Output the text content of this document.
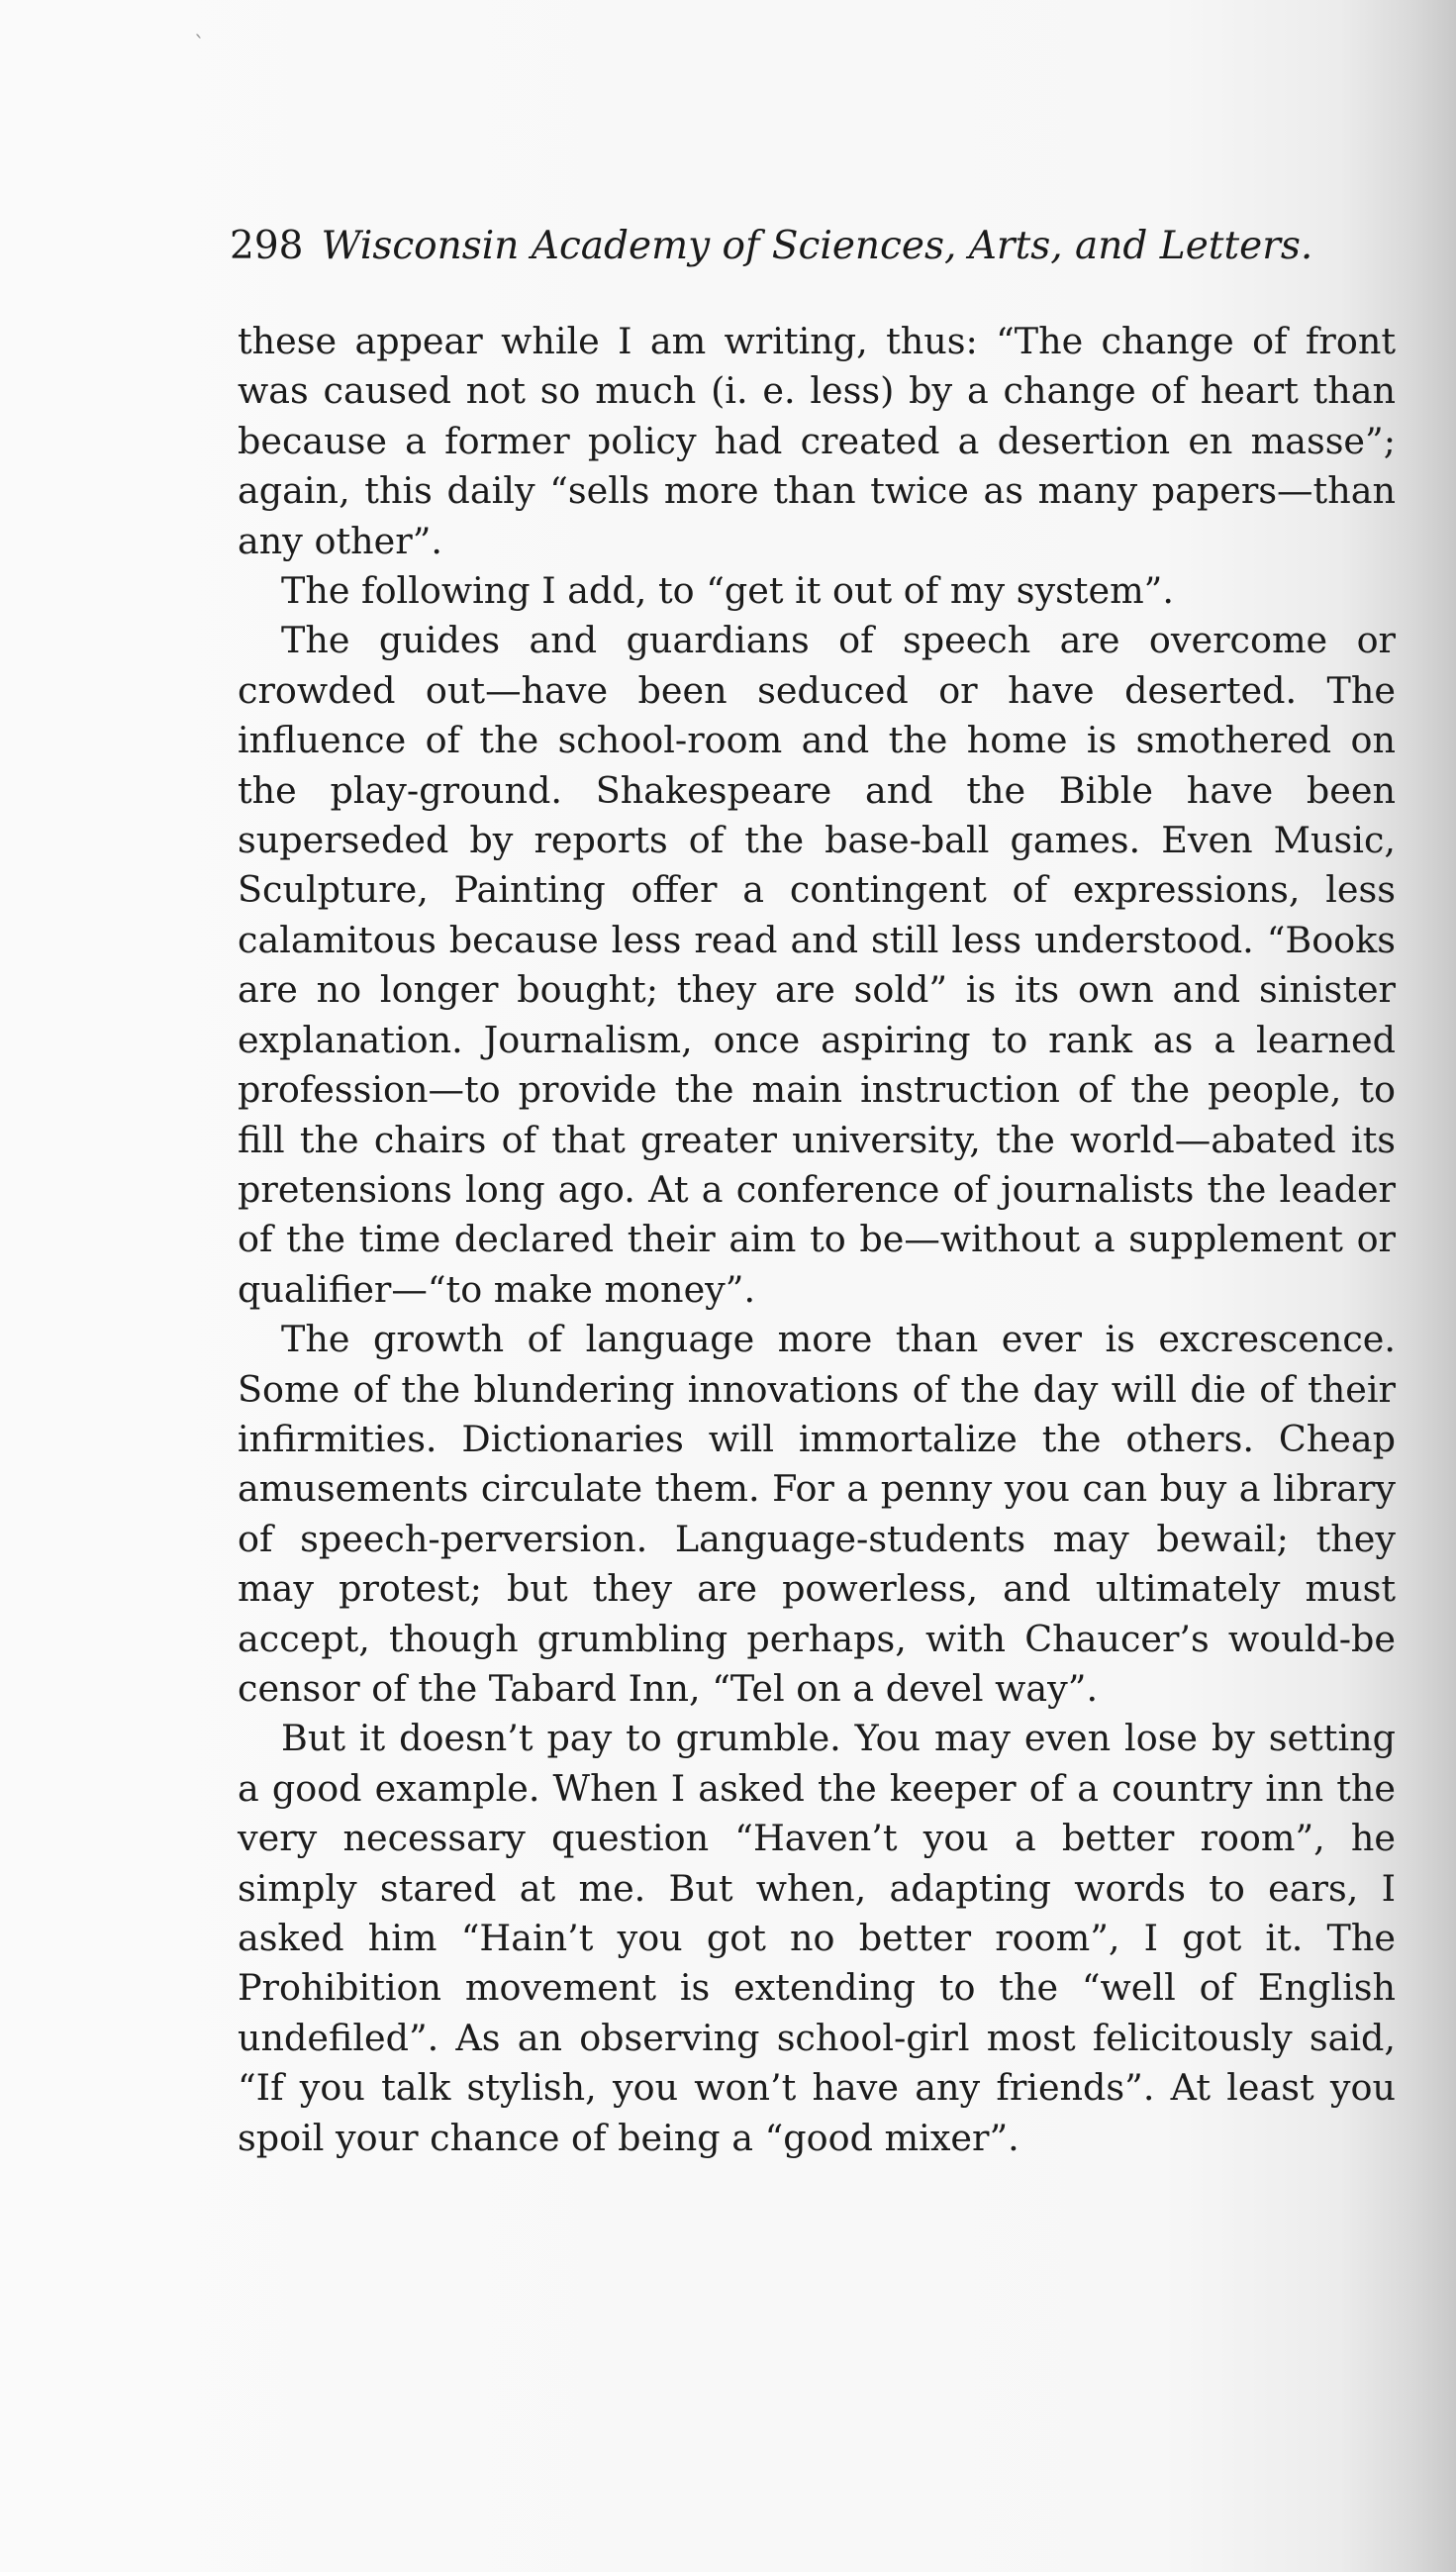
ˎ
298 Wisconsin Academy of Sciences, Arts, and Letters.

these appear while I am writing, thus: “The change of front was caused not so much (i. e. less) by a change of heart than because a former policy had created a desertion en masse”; again, this daily “sells more than twice as many papers—than any other”.

The following I add, to “get it out of my system”.

The guides and guardians of speech are overcome or crowded out—have been seduced or have deserted. The influence of the school-room and the home is smothered on the play-ground. Shakespeare and the Bible have been superseded by reports of the base-ball games. Even Music, Sculpture, Painting offer a contingent of expressions, less calamitous because less read and still less understood. “Books are no longer bought; they are sold” is its own and sinister explanation. Journalism, once aspiring to rank as a learned profession—to provide the main instruction of the people, to fill the chairs of that greater university, the world—abated its pretensions long ago. At a conference of journalists the leader of the time declared their aim to be—without a supplement or qualifier—“to make money”.

The growth of language more than ever is excrescence. Some of the blundering innovations of the day will die of their infirmities. Dictionaries will immortalize the others. Cheap amusements circulate them. For a penny you can buy a library of speech-perversion. Language-students may bewail; they may protest; but they are powerless, and ultimately must accept, though grumbling perhaps, with Chaucer’s would-be censor of the Tabard Inn, “Tel on a devel way”.

But it doesn’t pay to grumble. You may even lose by setting a good example. When I asked the keeper of a country inn the very necessary question “Haven’t you a better room”, he simply stared at me. But when, adapting words to ears, I asked him “Hain’t you got no better room”, I got it. The Prohibition movement is extending to the “well of English undefiled”. As an observing school-girl most felicitously said, “If you talk stylish, you won’t have any friends”. At least you spoil your chance of being a “good mixer”.
